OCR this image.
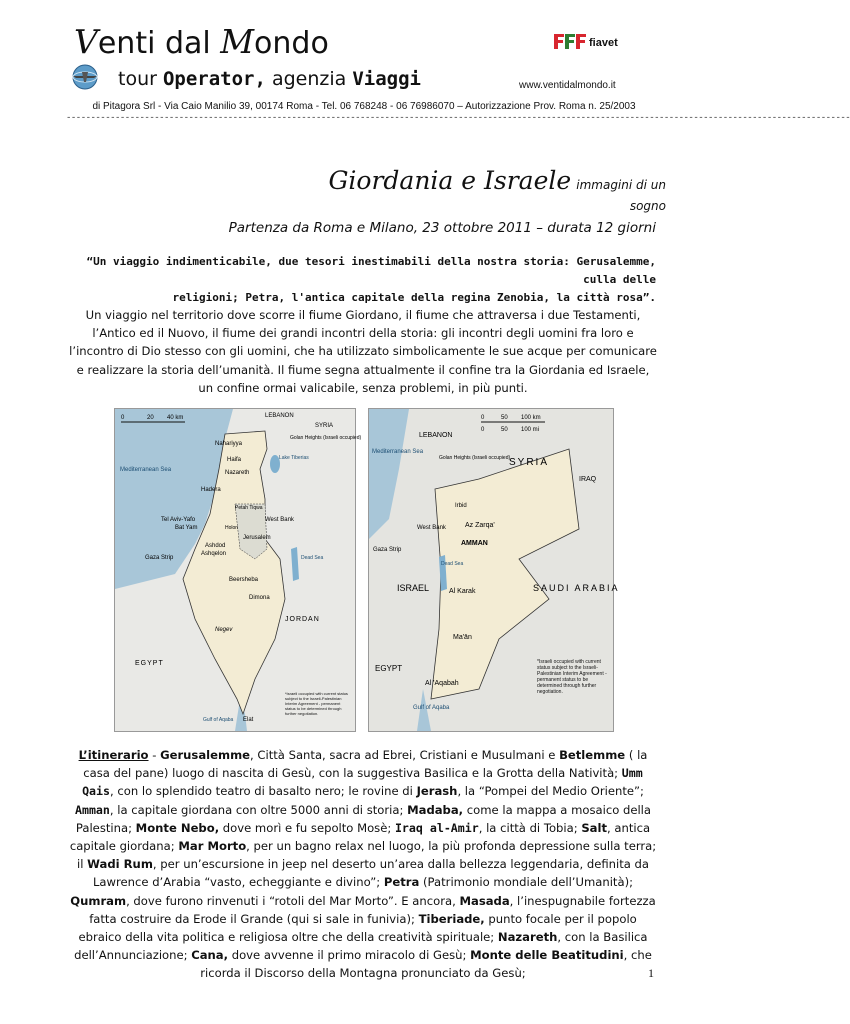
Venti dal Mondo	fiavet
tour Operator, agenzia Viaggi	www.ventidalmondo.it
di Pitagora Srl - Via Caio Manilio 39, 00174 Roma - Tel. 06 768248 - 06 76986070 – Autorizzazione Prov. Roma n. 25/2003
----------------------------------------------------------------------------------------------------------------------------------------------------------------
Giordania e Israele immagini di un sogno
Partenza da Roma e Milano, 23 ottobre 2011 – durata 12 giorni
“Un viaggio indimenticabile, due tesori inestimabili della nostra storia: Gerusalemme, culla delle
religioni; Petra, l'antica capitale della regina Zenobia, la città rosa”.
Un viaggio nel territorio dove scorre il fiume Giordano, il fiume che attraversa i due Testamenti, l’Antico ed il Nuovo, il fiume dei grandi incontri della storia: gli incontri degli uomini fra loro e l’incontro di Dio stesso con gli uomini, che ha utilizzato simbolicamente le sue acque per comunicare e realizzare la storia dell’umanità. Il fiume segna attualmente il confine tra la Giordania ed Israele, un confine ormai valicabile, senza problemi, in più punti.
0	20 40 km	LEBANON
SYRIA
Golan Heights (Israeli occupied)
Nahariyya
Haifa
Nazareth
Lake Tiberias
Mediterranean Sea
Hadera
Petah Tiqwa
Tel Aviv-Yafo
Bat Yam	Holon
West Bank
Ashdod
Jerusalem
Ashqelon
Gaza Strip	Dead Sea
Beersheba
Dimona
JORDAN
Negev
EGYPT
Elat
Gulf of Aqaba
*Israeli occupied with current status subject to the Israeli-Palestinian Interim Agreement - permanent status to be determined through further negotiation.
0	50 100 km
0	50 100 mi
LEBANON
SYRIA
IRAQ
Mediterranean Sea
Golan Heights (Israeli occupied)
Irbid
Az Zarqa'
AMMAN
West Bank
Gaza Strip
Dead Sea
ISRAEL	Al Karak	SAUDI ARABIA
Ma'ān
EGYPT
Al 'Aqabah
Gulf of Aqaba
*Israeli occupied with current status subject to the Israeli-Palestinian Interim Agreement - permanent status to be determined through further negotiation.
L’itinerario - Gerusalemme, Città Santa, sacra ad Ebrei, Cristiani e Musulmani e Betlemme ( la casa del pane) luogo di nascita di Gesù, con la suggestiva Basilica e la Grotta della Natività; Umm Qais, con lo splendido teatro di basalto nero; le rovine di Jerash, la “Pompei del Medio Oriente”; Amman, la capitale giordana con oltre 5000 anni di storia; Madaba, come la mappa a mosaico della Palestina; Monte Nebo, dove morì e fu sepolto Mosè; Iraq al-Amir, la città di Tobia; Salt, antica capitale giordana; Mar Morto, per un bagno relax nel luogo, la più profonda depressione sulla terra; il Wadi Rum, per un’escursione in jeep nel deserto un’area dalla bellezza leggendaria, definita da Lawrence d’Arabia “vasto, echeggiante e divino”; Petra (Patrimonio mondiale dell’Umanità); Qumram, dove furono rinvenuti i “rotoli del Mar Morto”. E ancora, Masada, l’inespugnabile fortezza fatta costruire da Erode il Grande (qui si sale in funivia); Tiberiade, punto focale per il popolo ebraico della vita politica e religiosa oltre che della creatività spirituale; Nazareth, con la Basilica dell’Annunciazione; Cana, dove avvenne il primo miracolo di Gesù; Monte delle Beatitudini, che ricorda il Discorso della Montagna pronunciato da Gesù;	1
